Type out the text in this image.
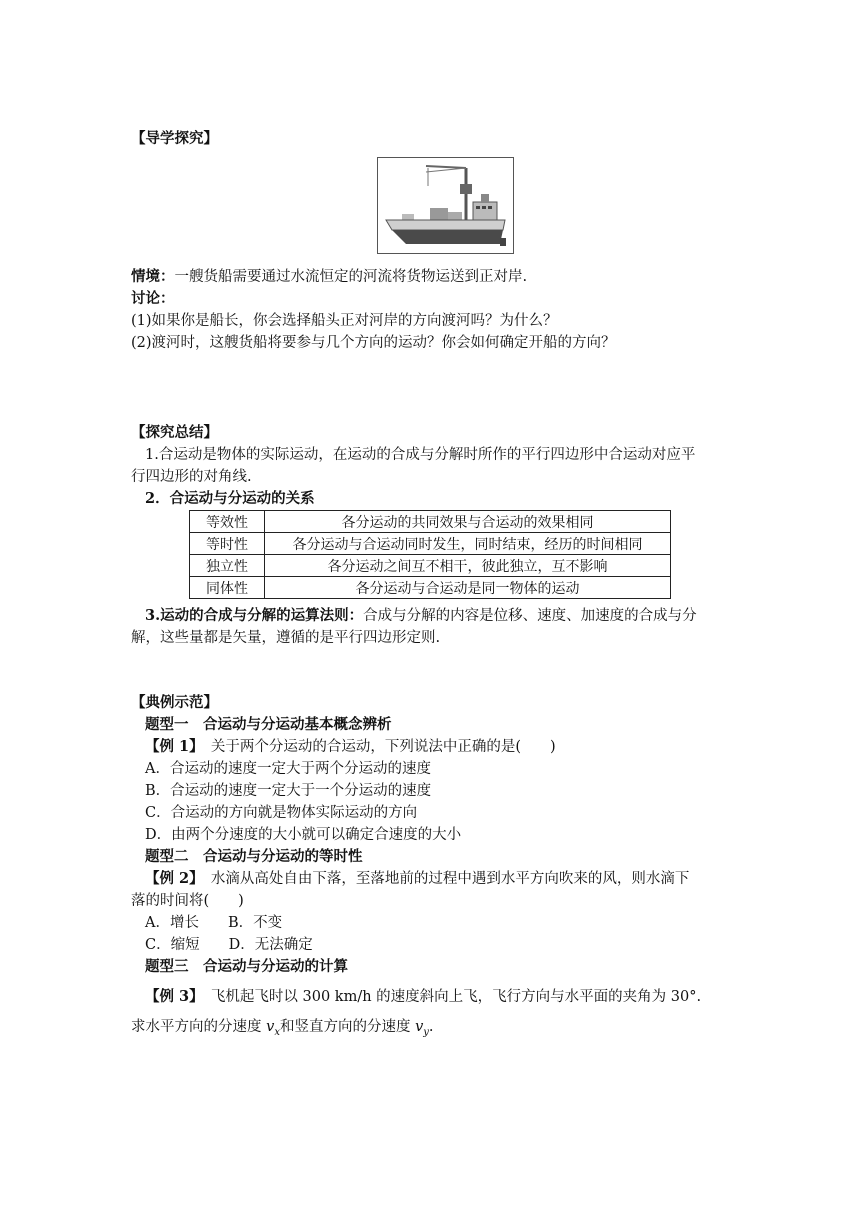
【导学探究】
情境：一艘货船需要通过水流恒定的河流将货物运送到正对岸.
讨论：
(1)如果你是船长，你会选择船头正对河岸的方向渡河吗？为什么？
(2)渡河时，这艘货船将要参与几个方向的运动？你会如何确定开船的方向？
【探究总结】
1.合运动是物体的实际运动，在运动的合成与分解时所作的平行四边形中合运动对应平
行四边形的对角线.
2．合运动与分运动的关系
等效性	各分运动的共同效果与合运动的效果相同
等时性	各分运动与合运动同时发生，同时结束，经历的时间相同
独立性	各分运动之间互不相干，彼此独立，互不影响
同体性	各分运动与合运动是同一物体的运动
3.运动的合成与分解的运算法则：合成与分解的内容是位移、速度、加速度的合成与分
解，这些量都是矢量，遵循的是平行四边形定则.
【典例示范】
题型一　合运动与分运动基本概念辨析
【例 1】　关于两个分运动的合运动，下列说法中正确的是(　　)
A．合运动的速度一定大于两个分运动的速度
B．合运动的速度一定大于一个分运动的速度
C．合运动的方向就是物体实际运动的方向
D．由两个分速度的大小就可以确定合速度的大小
题型二　合运动与分运动的等时性
【例 2】　水滴从高处自由下落，至落地前的过程中遇到水平方向吹来的风，则水滴下
落的时间将(　　)
A．增长　　B．不变
C．缩短　　D．无法确定
题型三　合运动与分运动的计算
【例 3】　飞机起飞时以 300 km/h 的速度斜向上飞，飞行方向与水平面的夹角为 30°.
求水平方向的分速度 $v_x$和竖直方向的分速度 $v_y$.
